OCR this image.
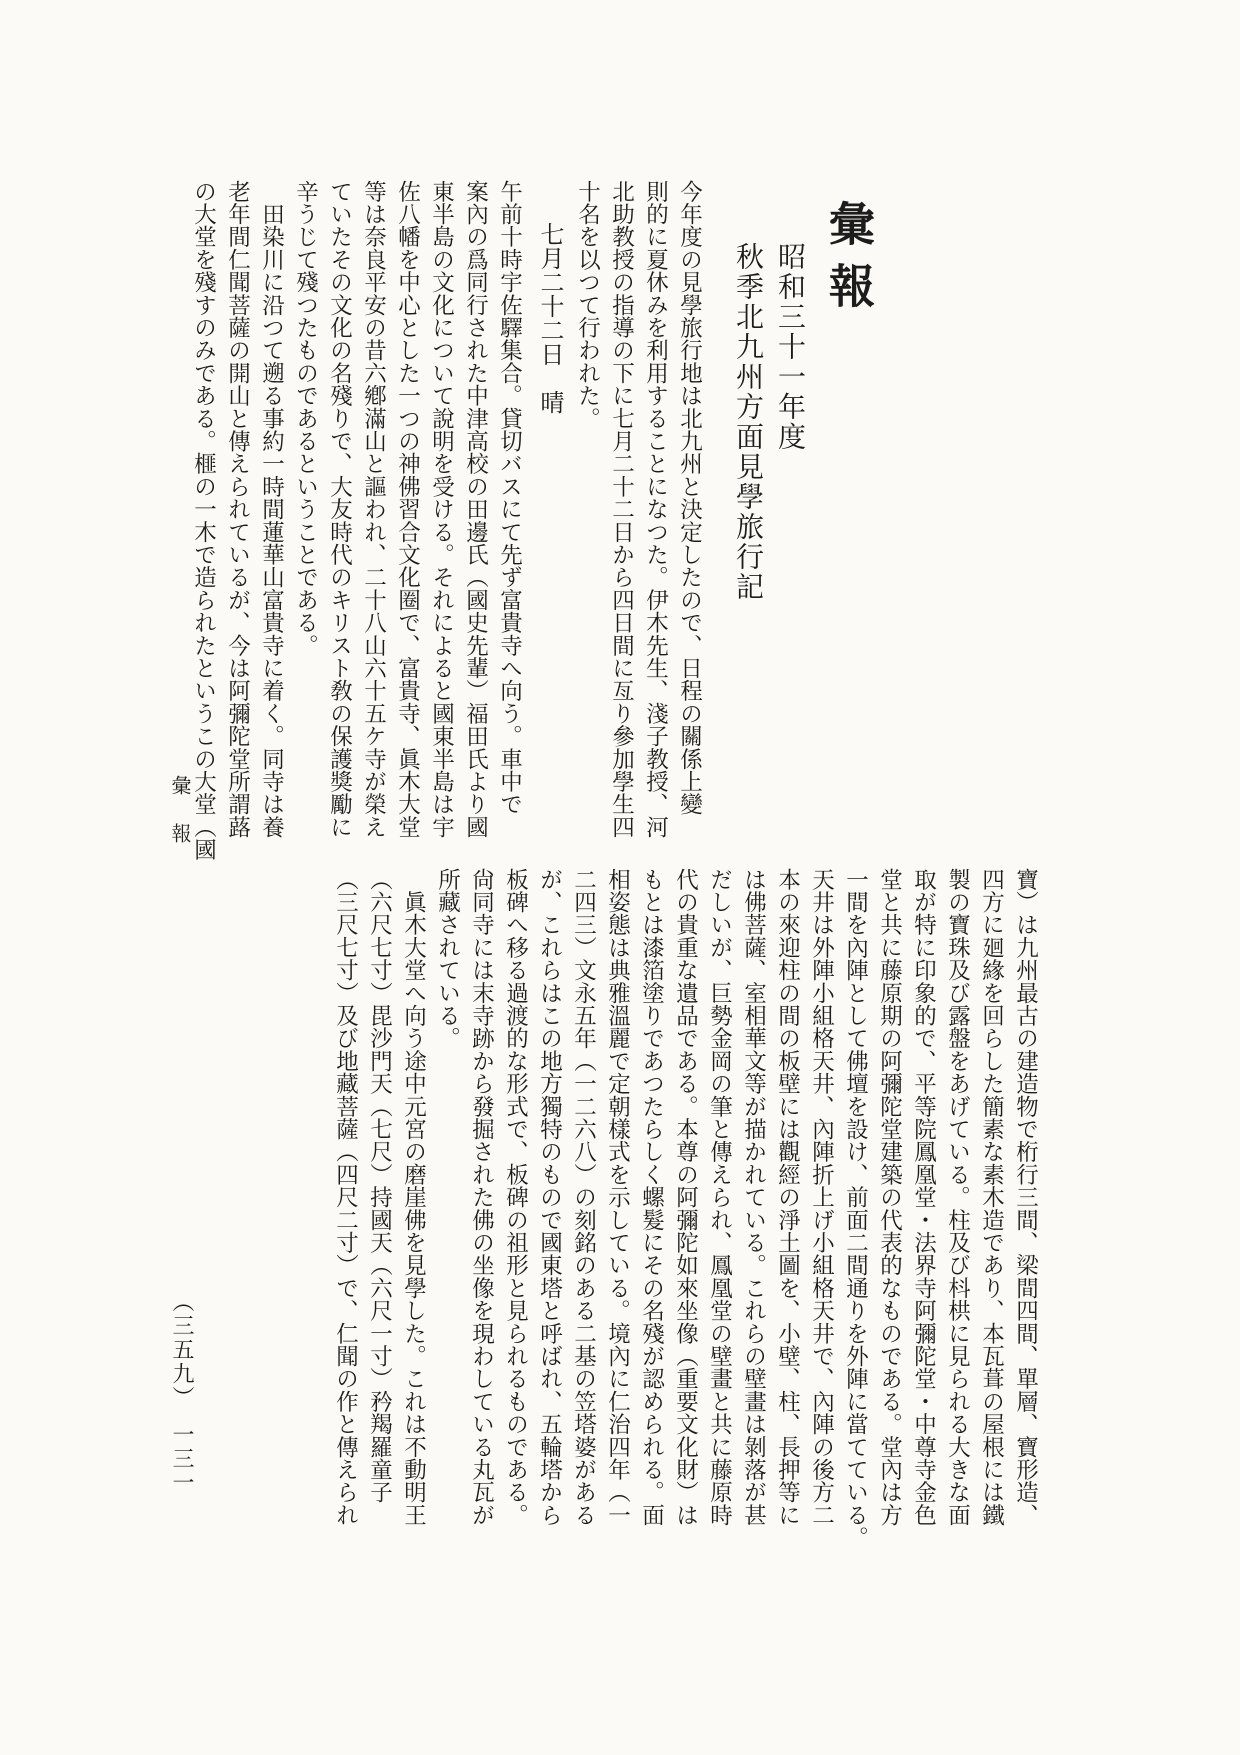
彙報
昭和三十一年度
秋季北九州方面見學旅行記
今年度の見學旅行地は北九州と決定したので、日程の關係上變
則的に夏休みを利用することになつた。伊木先生、淺子教授、河
北助教授の指導の下に七月二十二日から四日間に亙り參加學生四
十名を以つて行われた。
七月二十二日　晴
午前十時宇佐驛集合。貸切バスにて先ず富貴寺へ向う。車中で
案內の爲同行された中津高校の田邊氏（國史先輩）福田氏より國
東半島の文化について說明を受ける。それによると國東半島は宇
佐八幡を中心とした一つの神佛習合文化圈で、富貴寺、眞木大堂
等は奈良平安の昔六鄕滿山と謳われ、二十八山六十五ケ寺が榮え
ていたその文化の名殘りで、大友時代のキリスト敎の保護獎勵に
辛うじて殘つたものであるということである。
　田染川に沿つて遡る事約一時間蓮華山富貴寺に着く。同寺は養
老年間仁聞菩薩の開山と傳えられているが、今は阿彌陀堂所謂蕗
の大堂を殘すのみである。榧の一木で造られたというこの大堂（國
寶）は九州最古の建造物で桁行三間、梁間四間、單層、寶形造、
四方に廻緣を回らした簡素な素木造であり、本瓦葺の屋根には鐵
製の寶珠及び露盤をあげている。柱及び枓栱に見られる大きな面
取が特に印象的で、平等院鳳凰堂・法界寺阿彌陀堂・中尊寺金色
堂と共に藤原期の阿彌陀堂建築の代表的なものである。堂內は方
一間を內陣として佛壇を設け、前面二間通りを外陣に當てている。
天井は外陣小組格天井、內陣折上げ小組格天井で、內陣の後方二
本の來迎柱の間の板壁には觀經の淨土圖を、小壁、柱、長押等に
は佛菩薩、室相華文等が描かれている。これらの壁畫は剝落が甚
だしいが、巨勢金岡の筆と傳えられ、鳳凰堂の壁畫と共に藤原時
代の貴重な遺品である。本尊の阿彌陀如來坐像（重要文化財）は
もとは漆箔塗りであつたらしく螺髮にその名殘が認められる。面
相姿態は典雅溫麗で定朝樣式を示している。境內に仁治四年（一
二四三）文永五年（一二六八）の刻銘のある二基の笠塔婆がある
が、これらはこの地方獨特のもので國東塔と呼ばれ、五輪塔から
板碑へ移る過渡的な形式で、板碑の祖形と見られるものである。
尙同寺には末寺跡から發掘された佛の坐像を現わしている丸瓦が
所藏されている。
　眞木大堂へ向う途中元宮の磨崖佛を見學した。これは不動明王
（六尺七寸）毘沙門天（七尺）持國天（六尺一寸）矜羯羅童子
（三尺七寸）及び地藏菩薩（四尺二寸）で、仁聞の作と傳えられ
彙報
（三五九）　一三一
